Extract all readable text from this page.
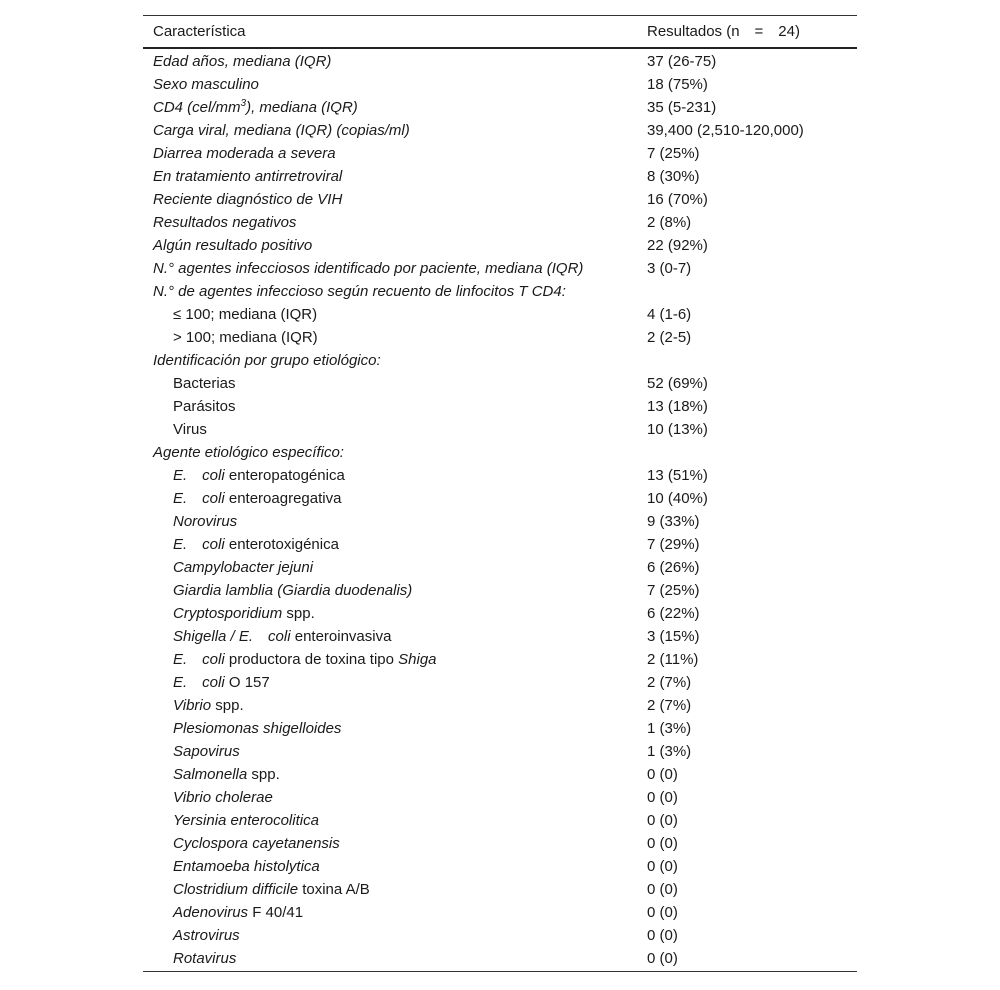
Característica	Resultados (n = 24)
Edad años, mediana (IQR)	37 (26-75)
Sexo masculino	18 (75%)
CD4 $(cel/mm^3)$, mediana (IQR)	35 (5-231)
Carga viral, mediana (IQR) (copias/ml)	39,400 (2,510-120,000)
Diarrea moderada a severa	7 (25%)
En tratamiento antirretroviral	8 (30%)
Reciente diagnóstico de VIH	16 (70%)
Resultados negativos	2 (8%)
Algún resultado positivo	22 (92%)
N.° agentes infecciosos identificado por paciente, mediana (IQR)	3 (0-7)
N.° de agentes infeccioso según recuento de linfocitos T CD4:
≤ 100; mediana (IQR)	4 (1-6)
> 100; mediana (IQR)	2 (2-5)
Identificación por grupo etiológico:
Bacterias	52 (69%)
Parásitos	13 (18%)
Virus	10 (13%)
Agente etiológico específico:
E. coli enteropatogénica	13 (51%)
E. coli enteroagregativa	10 (40%)
Norovirus	9 (33%)
E. coli enterotoxigénica	7 (29%)
Campylobacter jejuni	6 (26%)
Giardia lamblia (Giardia duodenalis)	7 (25%)
Cryptosporidium spp.	6 (22%)
Shigella / E. coli enteroinvasiva	3 (15%)
E. coli productora de toxina tipo Shiga	2 (11%)
E. coli O 157	2 (7%)
Vibrio spp.	2 (7%)
Plesiomonas shigelloides	1 (3%)
Sapovirus	1 (3%)
Salmonella spp.	0 (0)
Vibrio cholerae	0 (0)
Yersinia enterocolitica	0 (0)
Cyclospora cayetanensis	0 (0)
Entamoeba histolytica	0 (0)
Clostridium difficile toxina A/B	0 (0)
Adenovirus F 40/41	0 (0)
Astrovirus	0 (0)
Rotavirus	0 (0)
